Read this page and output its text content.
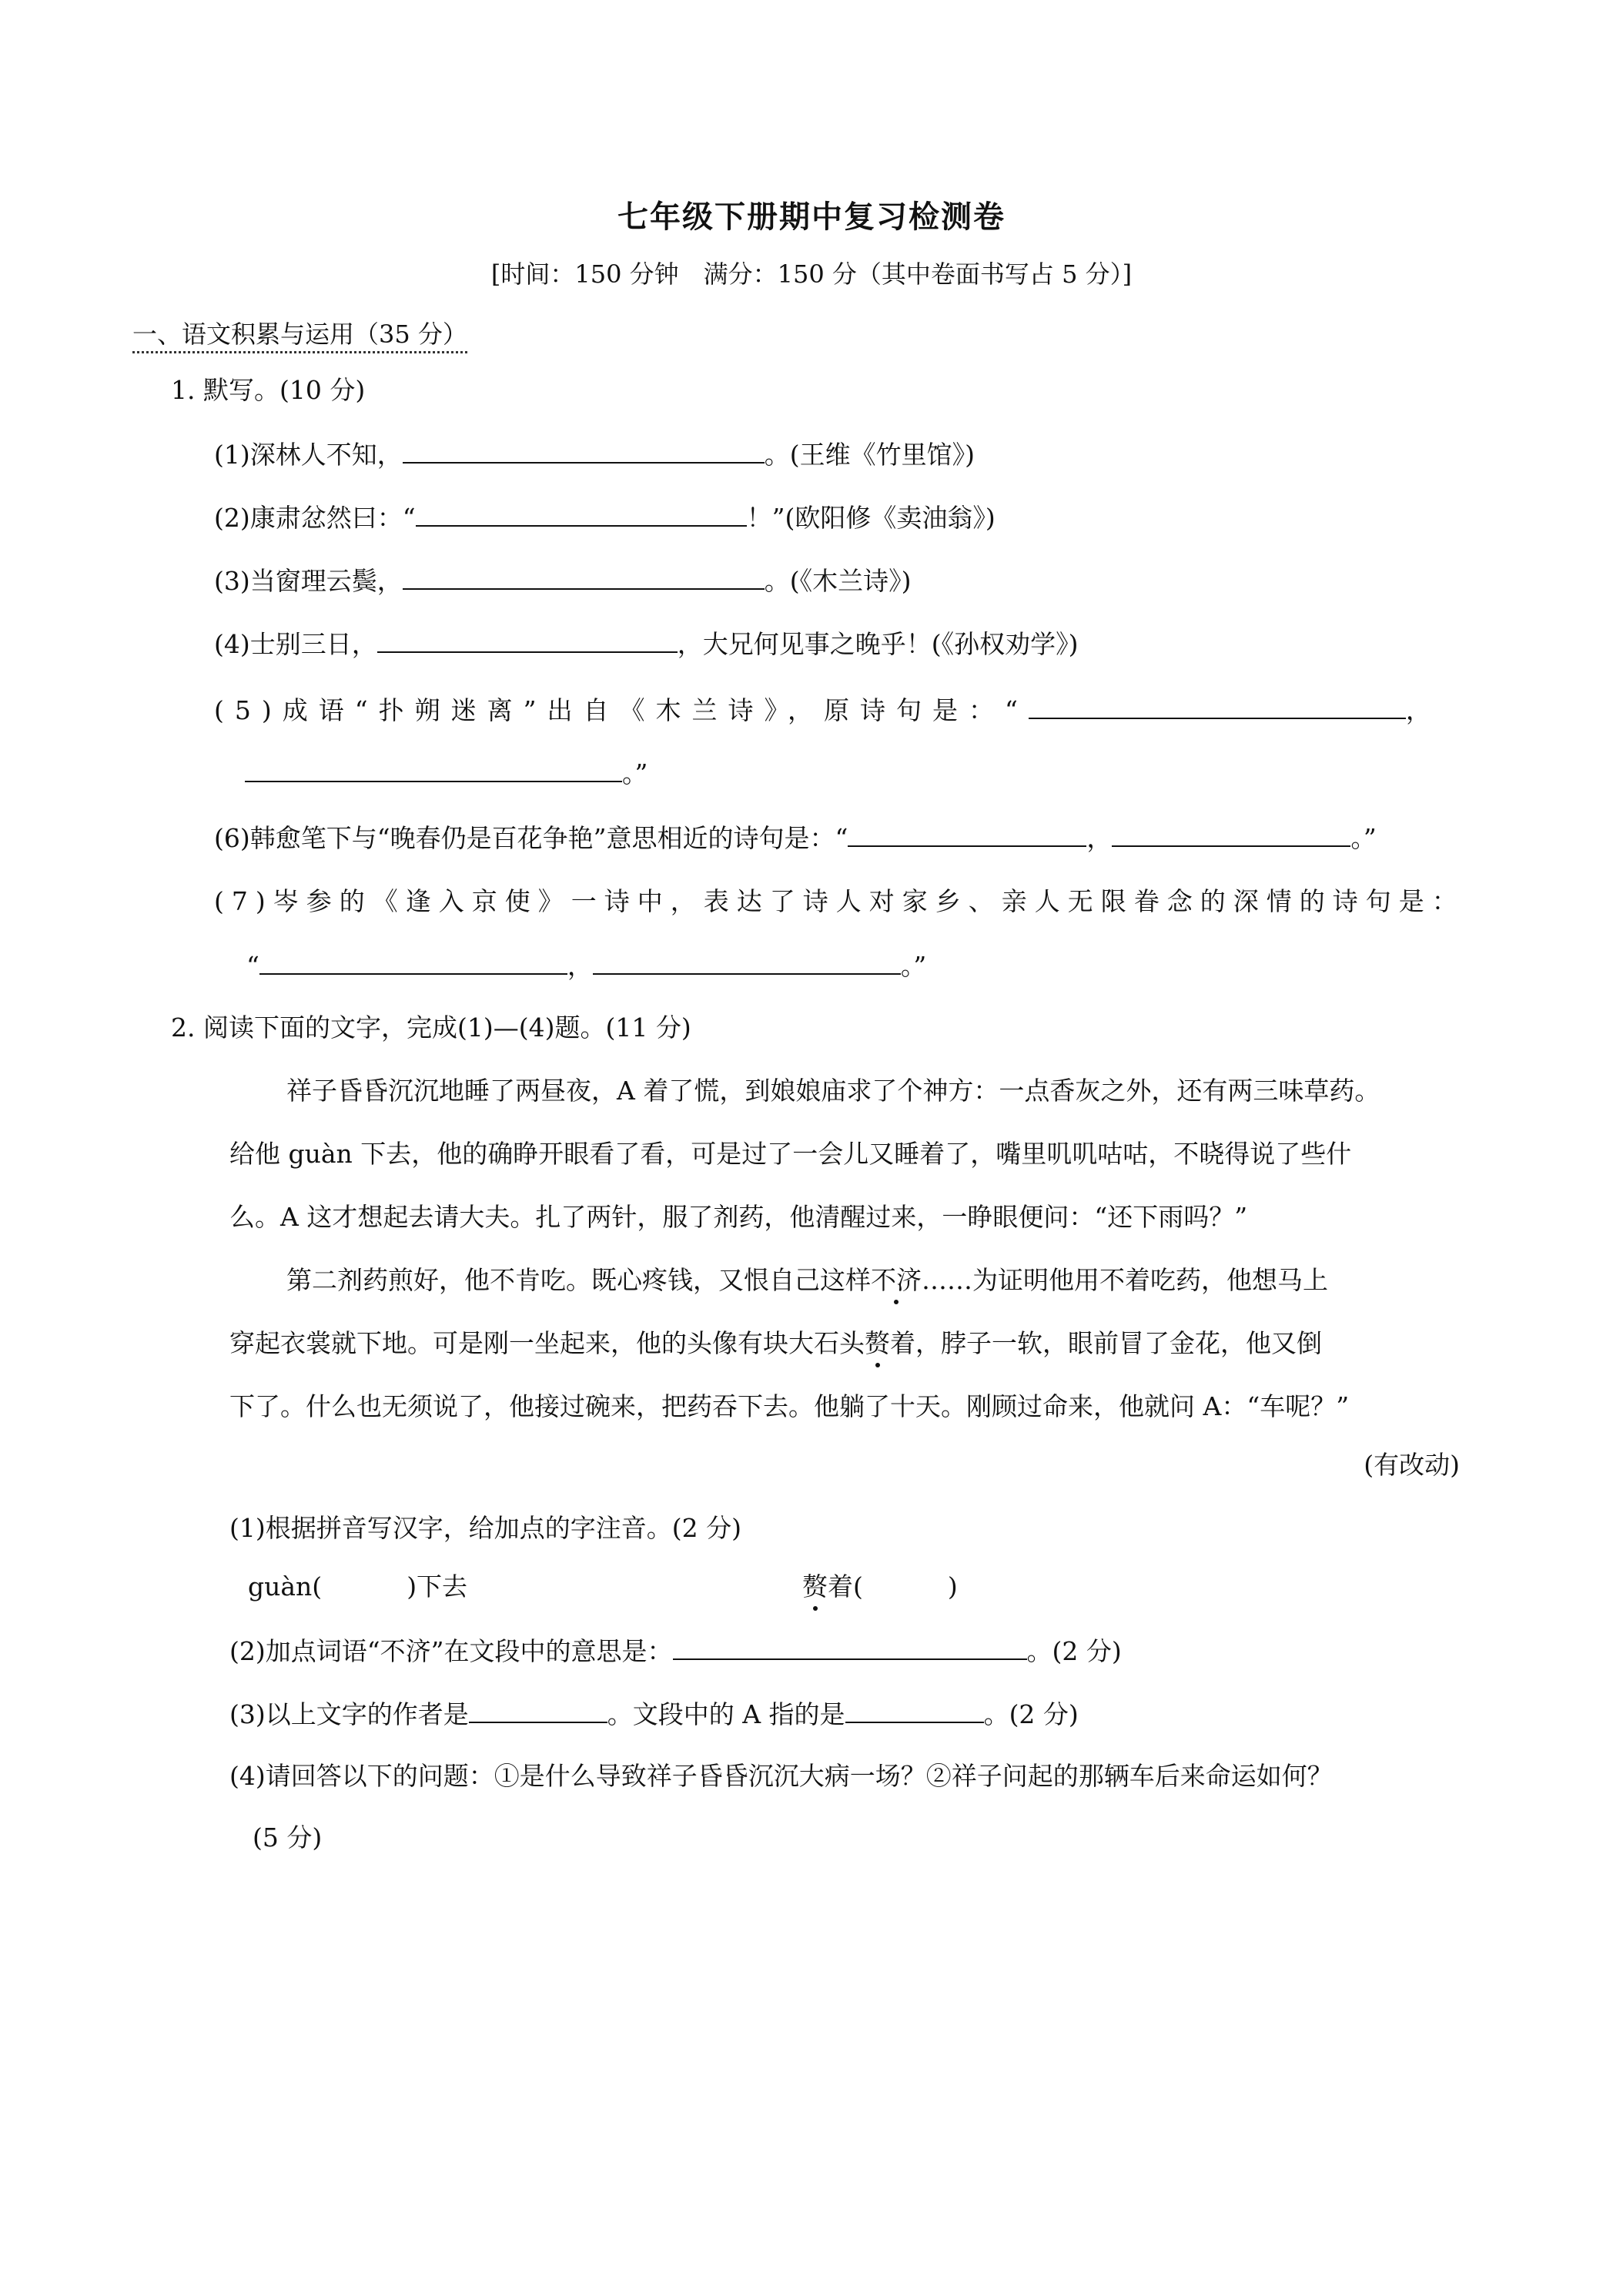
七年级下册期中复习检测卷
[时间：150 分钟　满分：150 分（其中卷面书写占 5 分）]
一、语文积累与运用（35 分）
1. 默写。(10 分)
(1)深林人不知，	。(王维《竹里馆》)
(2)康肃忿然曰：“	！”(欧阳修《卖油翁》)
(3)当窗理云鬓，	。(《木兰诗》)
(4)士别三日，	，大兄何见事之晚乎！(《孙权劝学》)
(5)成语“扑朔迷离”出自《木兰诗》，原诗句是：“	，
。”
(6)韩愈笔下与“晚春仍是百花争艳”意思相近的诗句是：“	，	。”
(7)岑参的《逢入京使》一诗中，表达了诗人对家乡、亲人无限眷念的深情的诗句是：
“	，	。”
2. 阅读下面的文字，完成(1)—(4)题。(11 分)
祥子昏昏沉沉地睡了两昼夜，A 着了慌，到娘娘庙求了个神方：一点香灰之外，还有两三味草药。
给他 guàn 下去，他的确睁开眼看了看，可是过了一会儿又睡着了，嘴里叽叽咕咕，不晓得说了些什
么。A 这才想起去请大夫。扎了两针，服了剂药，他清醒过来，一睁眼便问：“还下雨吗？”
第二剂药煎好，他不肯吃。既心疼钱，又恨自己这样不济……为证明他用不着吃药，他想马上
穿起衣裳就下地。可是刚一坐起来，他的头像有块大石头赘着，脖子一软，眼前冒了金花，他又倒
下了。什么也无须说了，他接过碗来，把药吞下去。他躺了十天。刚顾过命来，他就问 A：“车呢？”
(有改动)
(1)根据拼音写汉字，给加点的字注音。(2 分)
guàn(	)下去	赘着(	)
(2)加点词语“不济”在文段中的意思是：	。(2 分)
(3)以上文字的作者是	。文段中的 A 指的是	。(2 分)
(4)请回答以下的问题：①是什么导致祥子昏昏沉沉大病一场？②祥子问起的那辆车后来命运如何？
(5 分)
